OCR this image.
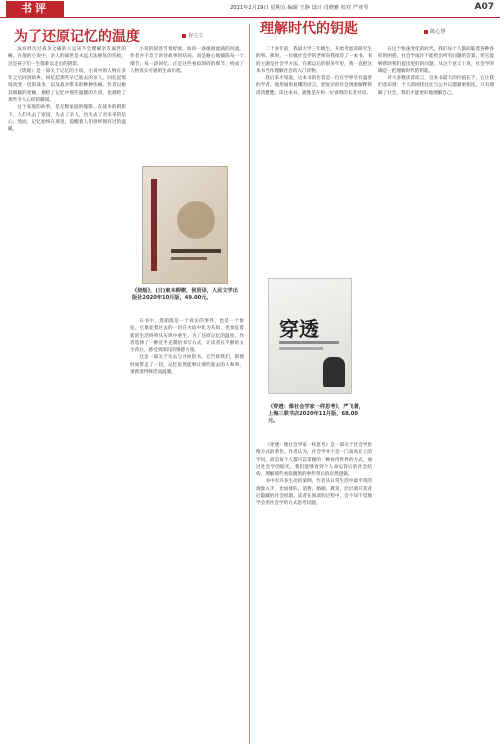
书评	2021年2月19日 星期五 编辑 王静 设计 肖晓雅 校对 严亚琴	A07
为了还原记忆的温度	谷立立

没有经历过战争之痛的人总该不会理解亲友离世的痛。在他的小说中，亲人的离世是永远无法修复的伤痕，这是孩子们一生都难以走出的阴影。

《烧船》是一部关于记忆的小说。小说中的人物在多年之后回到故乡，回忆起那些早已逝去的亲人，回忆起那场改变一切的战争，以及战争带来的种种伤痛。作者以极其细腻的笔触，描绘了记忆中那些温暖的片段，也描绘了那些令人心碎的瞬间。

这个家庭的故事，是无数家庭的缩影。在战争的阴影下，人们失去了家园，失去了亲人，也失去了对未来的信心。然而，记忆始终在那里，提醒着人们曾经拥有过的温暖。

小说的叙述节奏舒缓，如同一条缓缓流淌的河流。作者并不急于讲述故事的结局，而是耐心地铺陈每一个细节，每一段回忆。正是这些看似琐碎的细节，构成了人物真实可感的生命历程。

《烧船》，(日)東本柳樹，侯贤译，人民文学出版社2020年10月版，49.00元。

在书中，烧船既是一个真实的事件，也是一个象征。它象征着过去的一切在火焰中化为灰烬，也象征着新的生活终将从灰烬中重生。为了还原记忆的温度，作者选择了一种近乎克制的书写方式，让读者在平静的文字背后，感受到深沉的情感力量。

这是一部关于失去与寻回的书。它告诉我们，即便时间带走了一切，记忆依然能够让那些逝去的人和事，重新变得鲜活而温暖。

理解时代的钥匙	陈心慧

二十多年前，我最大学三年级生，开始考虑读研究生的事。那时，一位做社会学的老师向我推荐了一本书，书的主题是社会学方法。在那以后的很多年里，我一直把这本书当作理解社会的入门读物。

我后来才知道，这本书的作者是一位在学界享有盛誉的学者。他用通俗易懂的语言，把复杂的社会现象解释得清清楚楚。读这本书，就像是在和一位睿智的长者对话。

穿透
《穿透：像社会学家一样思考》，严飞著，上海三联书店2020年11月版，68.00元。

《穿透：像社会学家一样思考》是一部关于社会学思维方式的著作。作者认为，社会学并不是一门高高在上的学问，而是每个人都可以掌握的一种看待世界的方式。通过社会学的眼光，我们能够看到个人命运背后的社会结构，理解那些看似偶然的事件背后的必然逻辑。

书中有许多生动的案例。作者从日常生活中最平常的现象入手，比如排队、消费、婚姻、教育，层层剥开其背后隐藏的社会机制。读者在阅读的过程中，会不知不觉地学会用社会学的方式思考问题。

在这个快速变化的时代，我们每个人都面临着各种各样的困惑。社会学或许不能给出所有问题的答案，但它能够帮助我们提出更好的问题。从这个意义上说，社会学的确是一把理解时代的钥匙。

对大多数读者而言，这本书最大的价值在于，它让我们意识到：个人的困扰往往与公共议题紧密相连。只有理解了社会，我们才能更好地理解自己。
